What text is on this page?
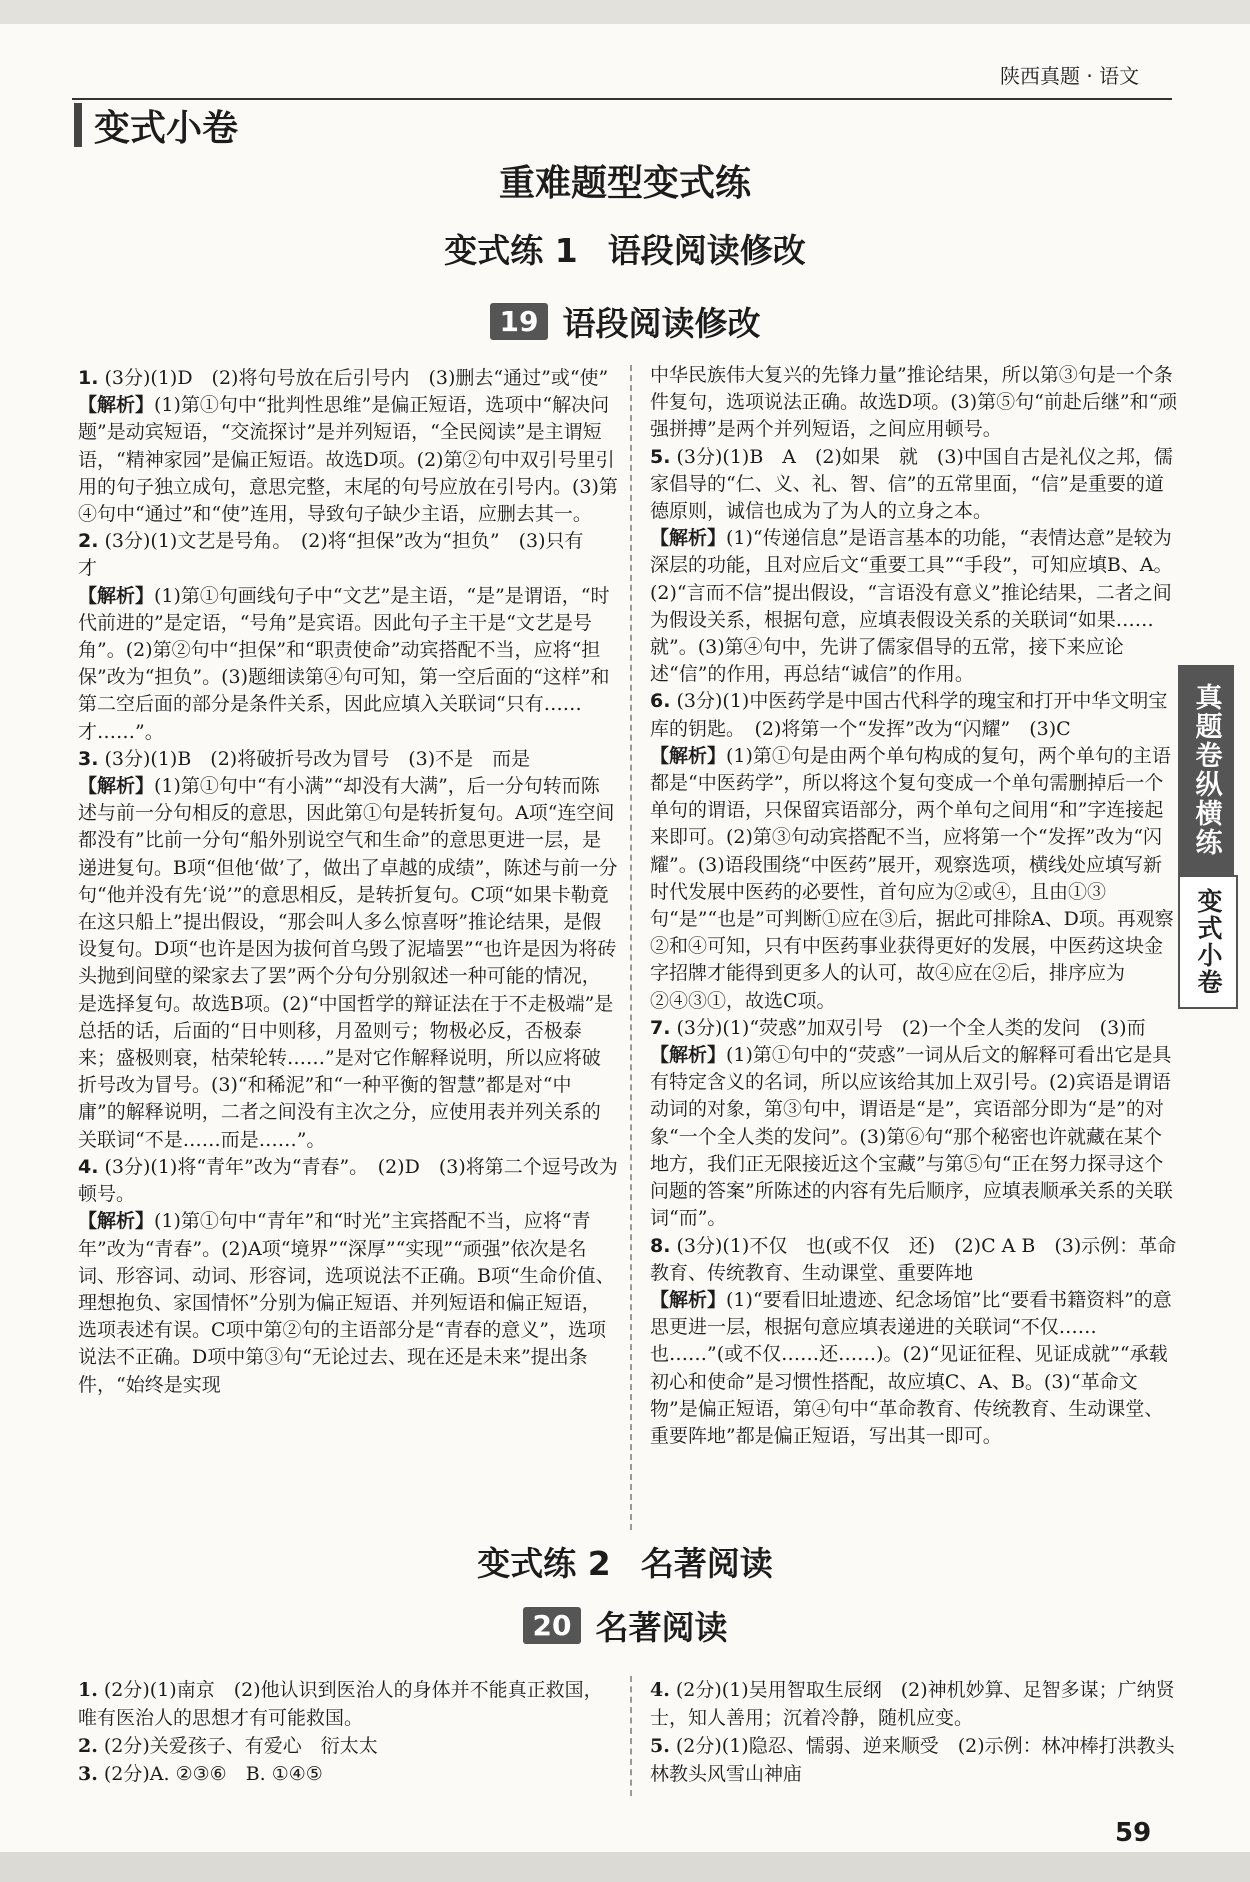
陕西真题 · 语文
变式小卷
重难题型变式练
变式练 1 语段阅读修改
19 语段阅读修改
1. (3分)(1)D　(2)将句号放在后引号内　(3)删去“通过”或“使”
【解析】(1)第①句中“批判性思维”是偏正短语，选项中“解决问题”是动宾短语，“交流探讨”是并列短语，“全民阅读”是主谓短语，“精神家园”是偏正短语。故选D项。(2)第②句中双引号里引用的句子独立成句，意思完整，末尾的句号应放在引号内。(3)第④句中“通过”和“使”连用，导致句子缺少主语，应删去其一。
2. (3分)(1)文艺是号角。　(2)将“担保”改为“担负”　(3)只有　才
【解析】(1)第①句画线句子中“文艺”是主语，“是”是谓语，“时代前进的”是定语，“号角”是宾语。因此句子主干是“文艺是号角”。(2)第②句中“担保”和“职责使命”动宾搭配不当，应将“担保”改为“担负”。(3)题细读第④句可知，第一空后面的“这样”和第二空后面的部分是条件关系，因此应填入关联词“只有……才……”。
3. (3分)(1)B　(2)将破折号改为冒号　(3)不是　而是
【解析】(1)第①句中“有小满”“却没有大满”，后一分句转而陈述与前一分句相反的意思，因此第①句是转折复句。A项“连空间都没有”比前一分句“船外别说空气和生命”的意思更进一层，是递进复句。B项“但他‘做’了，做出了卓越的成绩”，陈述与前一分句“他并没有先‘说’”的意思相反，是转折复句。C项“如果卡勒竟在这只船上”提出假设，“那会叫人多么惊喜呀”推论结果，是假设复句。D项“也许是因为拔何首乌毁了泥墙罢”“也许是因为将砖头抛到间壁的梁家去了罢”两个分句分别叙述一种可能的情况，是选择复句。故选B项。(2)“中国哲学的辩证法在于不走极端”是总括的话，后面的“日中则移，月盈则亏；物极必反，否极泰来；盛极则衰，枯荣轮转……”是对它作解释说明，所以应将破折号改为冒号。(3)“和稀泥”和“一种平衡的智慧”都是对“中庸”的解释说明，二者之间没有主次之分，应使用表并列关系的关联词“不是……而是……”。
4. (3分)(1)将“青年”改为“青春”。　(2)D　(3)将第二个逗号改为顿号。
【解析】(1)第①句中“青年”和“时光”主宾搭配不当，应将“青年”改为“青春”。(2)A项“境界”“深厚”“实现”“顽强”依次是名词、形容词、动词、形容词，选项说法不正确。B项“生命价值、理想抱负、家国情怀”分别为偏正短语、并列短语和偏正短语，选项表述有误。C项中第②句的主语部分是“青春的意义”，选项说法不正确。D项中第③句“无论过去、现在还是未来”提出条件，“始终是实现
中华民族伟大复兴的先锋力量”推论结果，所以第③句是一个条件复句，选项说法正确。故选D项。(3)第⑤句“前赴后继”和“顽强拼搏”是两个并列短语，之间应用顿号。
5. (3分)(1)B　A　(2)如果　就　(3)中国自古是礼仪之邦，儒家倡导的“仁、义、礼、智、信”的五常里面，“信”是重要的道德原则，诚信也成为了为人的立身之本。
【解析】(1)“传递信息”是语言基本的功能，“表情达意”是较为深层的功能，且对应后文“重要工具”“手段”，可知应填B、A。(2)“言而不信”提出假设，“言语没有意义”推论结果，二者之间为假设关系，根据句意，应填表假设关系的关联词“如果……就”。(3)第④句中，先讲了儒家倡导的五常，接下来应论述“信”的作用，再总结“诚信”的作用。
6. (3分)(1)中医药学是中国古代科学的瑰宝和打开中华文明宝库的钥匙。　(2)将第一个“发挥”改为“闪耀”　(3)C
【解析】(1)第①句是由两个单句构成的复句，两个单句的主语都是“中医药学”，所以将这个复句变成一个单句需删掉后一个单句的谓语，只保留宾语部分，两个单句之间用“和”字连接起来即可。(2)第③句动宾搭配不当，应将第一个“发挥”改为“闪耀”。(3)语段围绕“中医药”展开，观察选项，横线处应填写新时代发展中医药的必要性，首句应为②或④，且由①③句“是”“也是”可判断①应在③后，据此可排除A、D项。再观察②和④可知，只有中医药事业获得更好的发展，中医药这块金字招牌才能得到更多人的认可，故④应在②后，排序应为②④③①，故选C项。
7. (3分)(1)“荧惑”加双引号　(2)一个全人类的发问　(3)而
【解析】(1)第①句中的“荧惑”一词从后文的解释可看出它是具有特定含义的名词，所以应该给其加上双引号。(2)宾语是谓语动词的对象，第③句中，谓语是“是”，宾语部分即为“是”的对象“一个全人类的发问”。(3)第⑥句“那个秘密也许就藏在某个地方，我们正无限接近这个宝藏”与第⑤句“正在努力探寻这个问题的答案”所陈述的内容有先后顺序，应填表顺承关系的关联词“而”。
8. (3分)(1)不仅　也(或不仅　还)　(2)C A B　(3)示例：革命教育、传统教育、生动课堂、重要阵地
【解析】(1)“要看旧址遗迹、纪念场馆”比“要看书籍资料”的意思更进一层，根据句意应填表递进的关联词“不仅……也……”(或不仅……还……)。(2)“见证征程、见证成就”“承载初心和使命”是习惯性搭配，故应填C、A、B。(3)“革命文物”是偏正短语，第④句中“革命教育、传统教育、生动课堂、重要阵地”都是偏正短语，写出其一即可。
变式练 2 名著阅读
20 名著阅读
1. (2分)(1)南京　(2)他认识到医治人的身体并不能真正救国，唯有医治人的思想才有可能救国。
2. (2分)关爱孩子、有爱心　衍太太
3. (2分)A. ②③⑥　B. ①④⑤
4. (2分)(1)吴用智取生辰纲　(2)神机妙算、足智多谋；广纳贤士，知人善用；沉着冷静，随机应变。
5. (2分)(1)隐忍、懦弱、逆来顺受　(2)示例：林冲棒打洪教头　林教头风雪山神庙
真题卷纵横练
变式小卷
59
